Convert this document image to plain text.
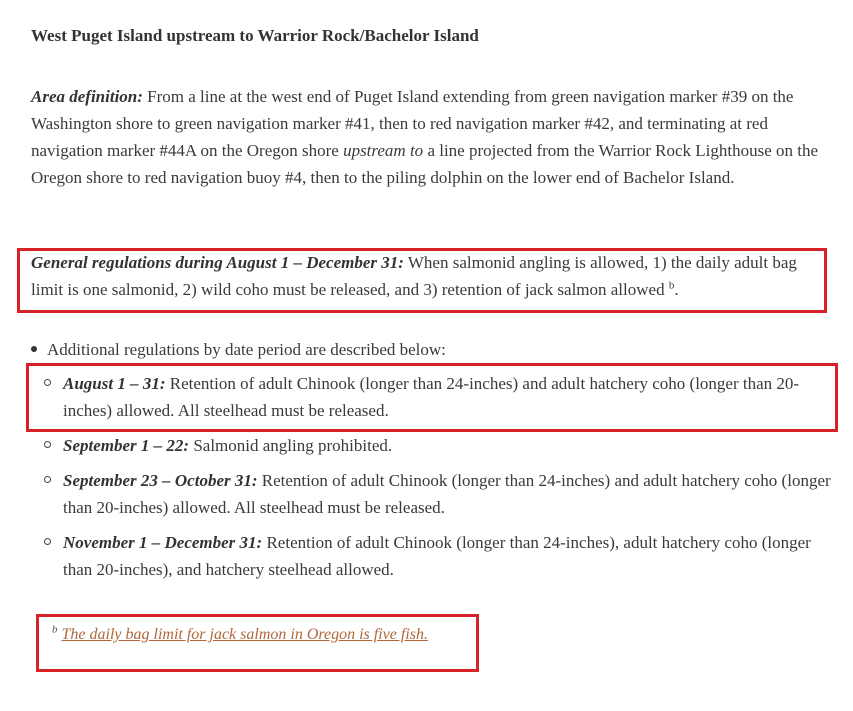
West Puget Island upstream to Warrior Rock/Bachelor Island
Area definition: From a line at the west end of Puget Island extending from green navigation marker #39 on the Washington shore to green navigation marker #41, then to red navigation marker #42, and terminating at red navigation marker #44A on the Oregon shore upstream to a line projected from the Warrior Rock Lighthouse on the Oregon shore to red navigation buoy #4, then to the piling dolphin on the lower end of Bachelor Island.
General regulations during August 1 – December 31: When salmonid angling is allowed, 1) the daily adult bag limit is one salmonid, 2) wild coho must be released, and 3) retention of jack salmon allowed $^b$.
Additional regulations by date period are described below:
August 1 – 31: Retention of adult Chinook (longer than 24-inches) and adult hatchery coho (longer than 20-inches) allowed. All steelhead must be released.
September 1 – 22: Salmonid angling prohibited.
September 23 – October 31: Retention of adult Chinook (longer than 24-inches) and adult hatchery coho (longer than 20-inches) allowed. All steelhead must be released.
November 1 – December 31: Retention of adult Chinook (longer than 24-inches), adult hatchery coho (longer than 20-inches), and hatchery steelhead allowed.
$^b$ The daily bag limit for jack salmon in Oregon is five fish.
